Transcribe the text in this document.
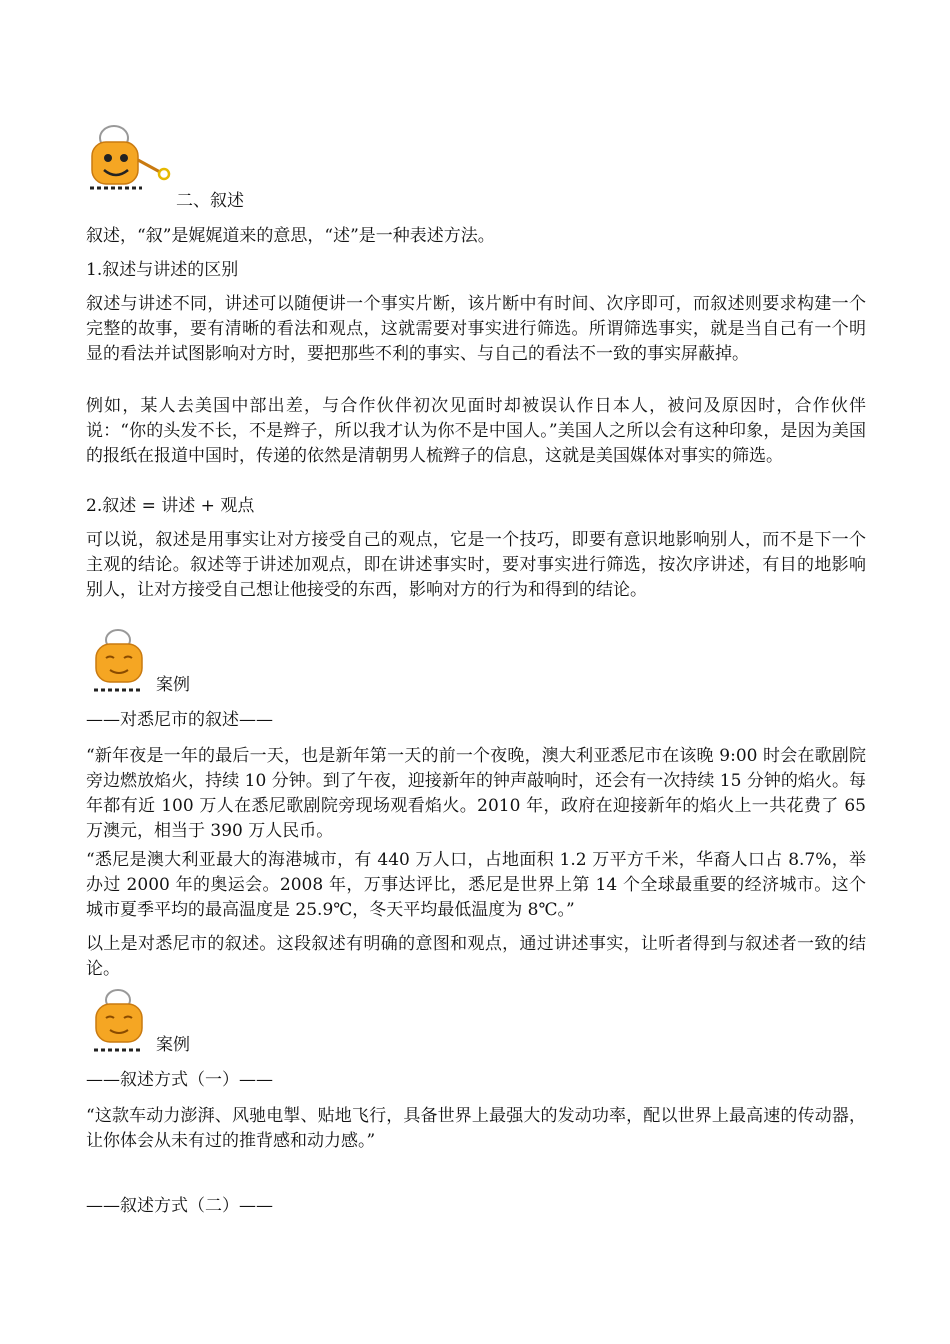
二、叙述

叙述，“叙”是娓娓道来的意思，“述”是一种表述方法。

1.叙述与讲述的区别

叙述与讲述不同，讲述可以随便讲一个事实片断，该片断中有时间、次序即可，而叙述则要求构建一个完整的故事，要有清晰的看法和观点，这就需要对事实进行筛选。所谓筛选事实，就是当自己有一个明显的看法并试图影响对方时，要把那些不利的事实、与自己的看法不一致的事实屏蔽掉。

例如，某人去美国中部出差，与合作伙伴初次见面时却被误认作日本人，被问及原因时，合作伙伴说：“你的头发不长，不是辫子，所以我才认为你不是中国人。”美国人之所以会有这种印象，是因为美国的报纸在报道中国时，传递的依然是清朝男人梳辫子的信息，这就是美国媒体对事实的筛选。

2.叙述 = 讲述 + 观点

可以说，叙述是用事实让对方接受自己的观点，它是一个技巧，即要有意识地影响别人，而不是下一个主观的结论。叙述等于讲述加观点，即在讲述事实时，要对事实进行筛选，按次序讲述，有目的地影响别人，让对方接受自己想让他接受的东西，影响对方的行为和得到的结论。

案例

——对悉尼市的叙述——

“新年夜是一年的最后一天，也是新年第一天的前一个夜晚，澳大利亚悉尼市在该晚 9:00 时会在歌剧院旁边燃放焰火，持续 10 分钟。到了午夜，迎接新年的钟声敲响时，还会有一次持续 15 分钟的焰火。每年都有近 100 万人在悉尼歌剧院旁现场观看焰火。2010 年，政府在迎接新年的焰火上一共花费了 65 万澳元，相当于 390 万人民币。

“悉尼是澳大利亚最大的海港城市，有 440 万人口，占地面积 1.2 万平方千米，华裔人口占 8.7%，举办过 2000 年的奥运会。2008 年，万事达评比，悉尼是世界上第 14 个全球最重要的经济城市。这个城市夏季平均的最高温度是 25.9℃，冬天平均最低温度为 8℃。”

以上是对悉尼市的叙述。这段叙述有明确的意图和观点，通过讲述事实，让听者得到与叙述者一致的结论。

案例

——叙述方式（一）——

“这款车动力澎湃、风驰电掣、贴地飞行，具备世界上最强大的发动功率，配以世界上最高速的传动器，让你体会从未有过的推背感和动力感。”

——叙述方式（二）——
